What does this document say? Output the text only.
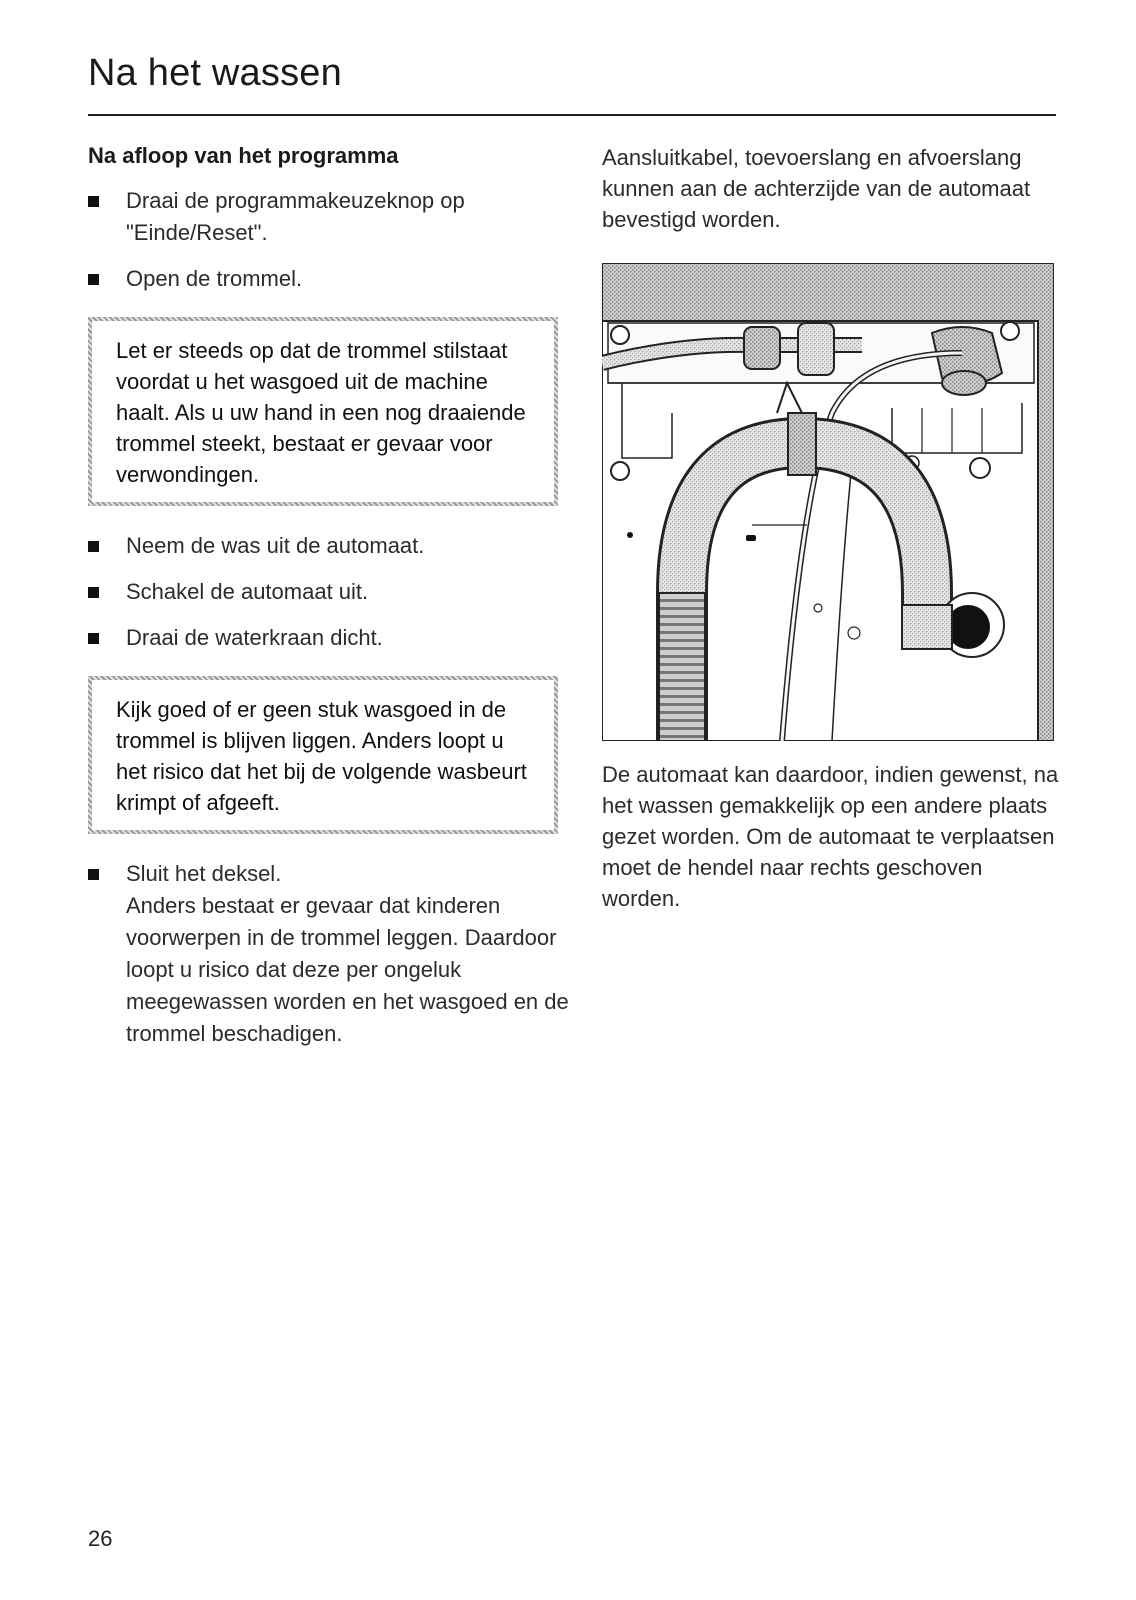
Na het wassen
Na afloop van het programma
Draai de programmakeuzeknop op "Einde/Reset".
Open de trommel.
Let er steeds op dat de trommel stilstaat voordat u het wasgoed uit de machine haalt. Als u uw hand in een nog draaiende trommel steekt, bestaat er gevaar voor verwondingen.
Neem de was uit de automaat.
Schakel de automaat uit.
Draai de waterkraan dicht.
Kijk goed of er geen stuk wasgoed in de trommel is blijven liggen. Anders loopt u het risico dat het bij de volgende wasbeurt krimpt of afgeeft.
Sluit het deksel.
Anders bestaat er gevaar dat kinderen voorwerpen in de trommel leggen. Daardoor loopt u risico dat deze per ongeluk meegewassen worden en het wasgoed en de trommel beschadigen.

Aansluitkabel, toevoerslang en afvoerslang kunnen aan de achterzijde van de automaat bevestigd worden.

De automaat kan daardoor, indien gewenst, na het wassen gemakkelijk op een andere plaats gezet worden. Om de automaat te verplaatsen moet de hendel naar rechts geschoven worden.

26
